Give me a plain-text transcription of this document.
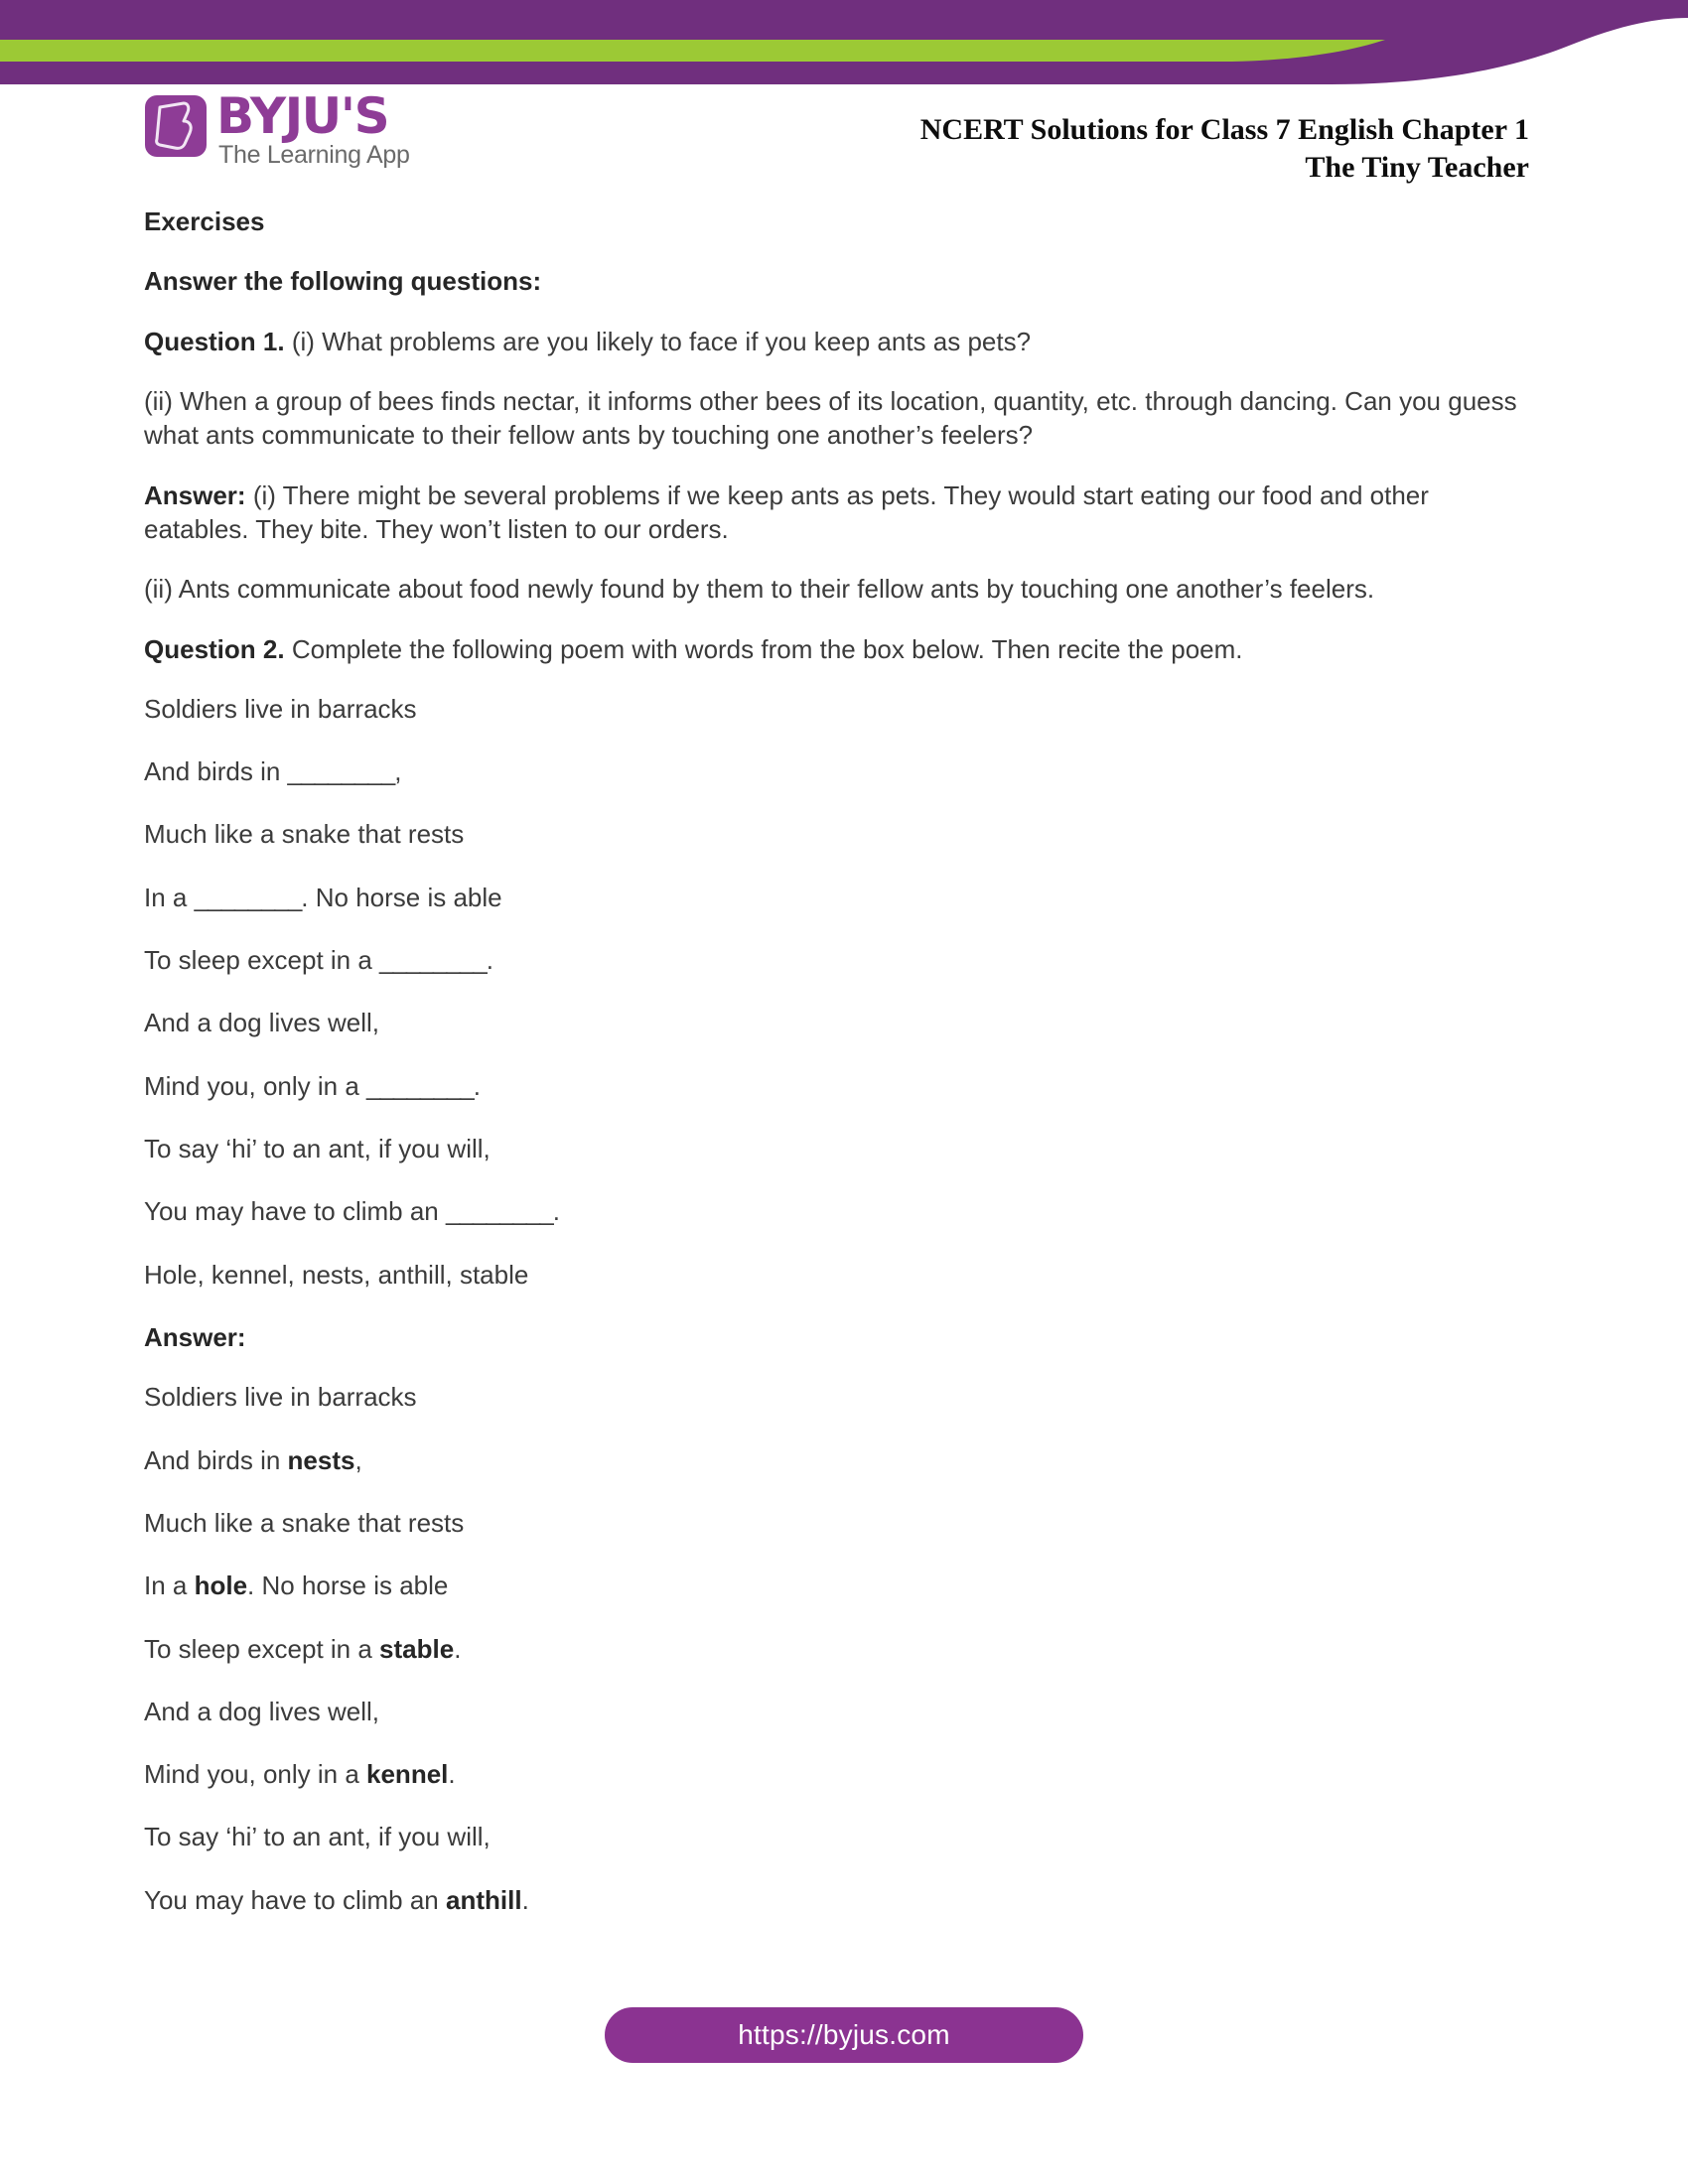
BYJU'S
The Learning App
NCERT Solutions for Class 7 English Chapter 1
The Tiny Teacher
Exercises
Answer the following questions:

Question 1. (i) What problems are you likely to face if you keep ants as pets?

(ii) When a group of bees finds nectar, it informs other bees of its location, quantity, etc. through dancing. Can you guess what ants communicate to their fellow ants by touching one another’s feelers?

Answer: (i) There might be several problems if we keep ants as pets. They would start eating our food and other eatables. They bite. They won’t listen to our orders.

(ii) Ants communicate about food newly found by them to their fellow ants by touching one another’s feelers.

Question 2. Complete the following poem with words from the box below. Then recite the poem.

Soldiers live in barracks
And birds in ________,
Much like a snake that rests
In a ________. No horse is able
To sleep except in a ________.
And a dog lives well,
Mind you, only in a ________.
To say ‘hi’ to an ant, if you will,
You may have to climb an ________.
Hole, kennel, nests, anthill, stable
Answer:
Soldiers live in barracks
And birds in nests,
Much like a snake that rests
In a hole. No horse is able
To sleep except in a stable.
And a dog lives well,
Mind you, only in a kennel.
To say ‘hi’ to an ant, if you will,
You may have to climb an anthill.
https://byjus.com
